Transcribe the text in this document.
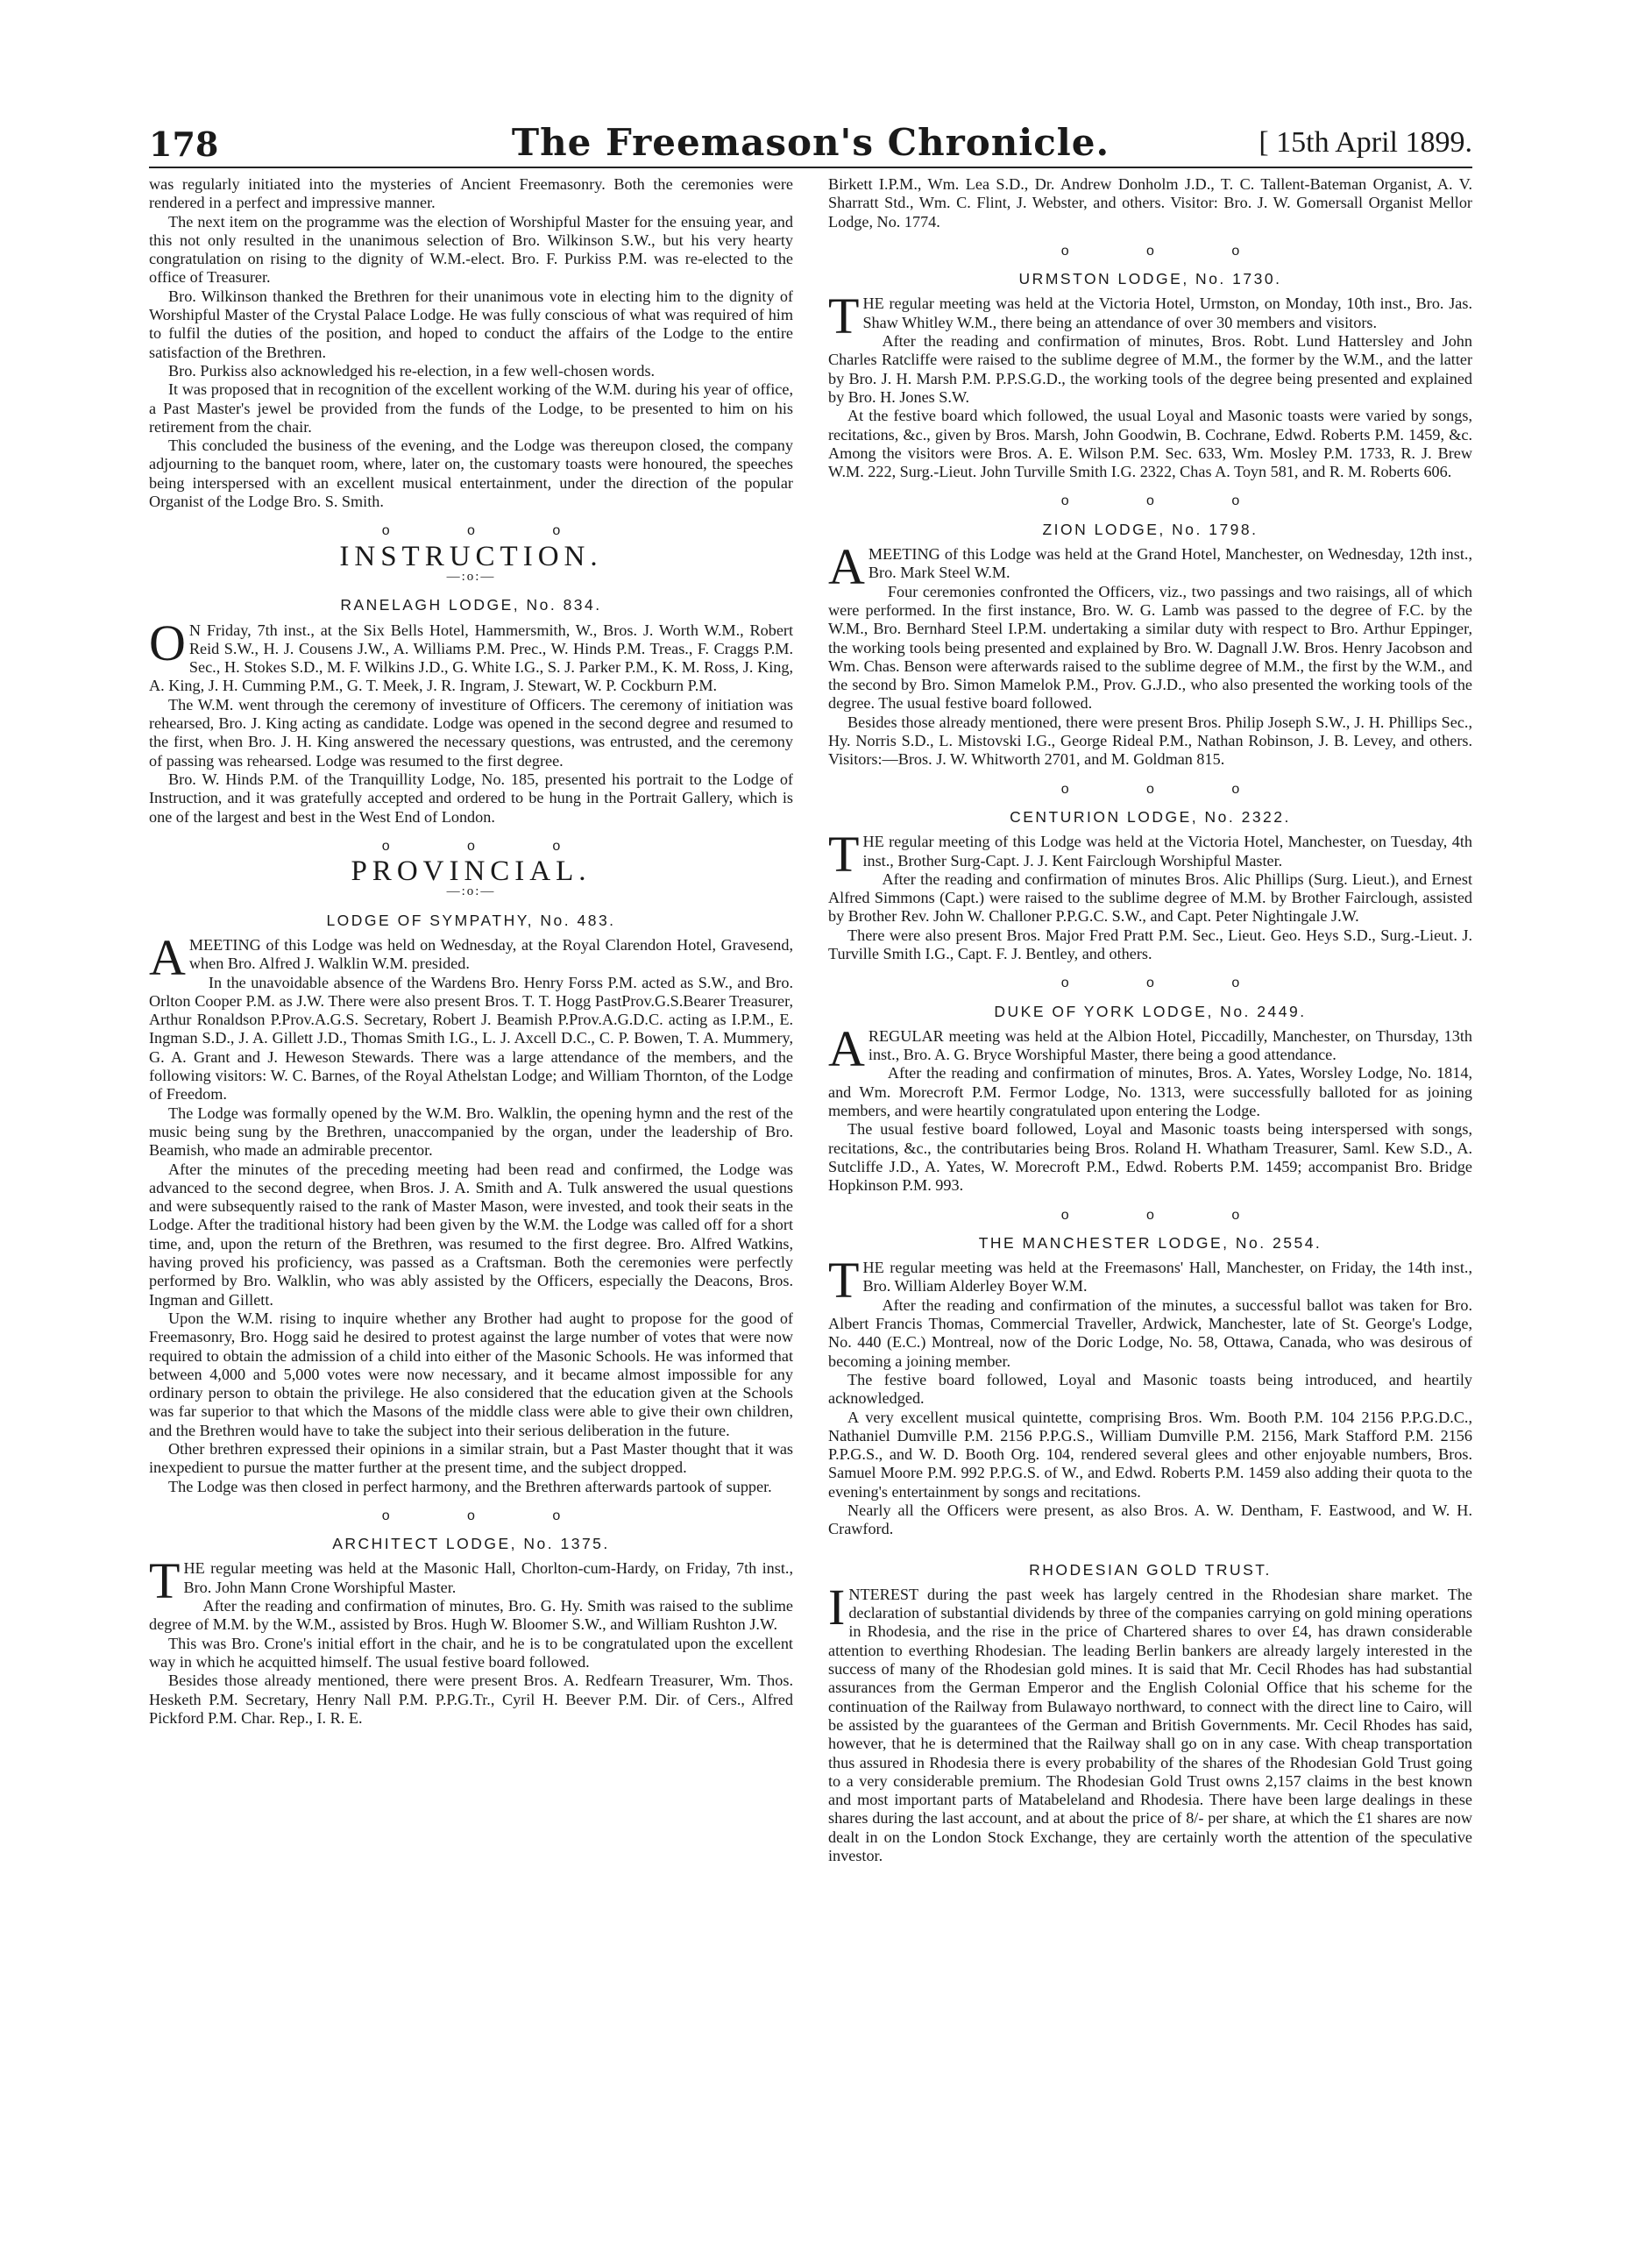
178	The Freemason's Chronicle.	[ 15th April 1899.

was regularly initiated into the mysteries of Ancient Freemasonry. Both the ceremonies were rendered in a perfect and impressive manner.

The next item on the programme was the election of Worshipful Master for the ensuing year, and this not only resulted in the unanimous selection of Bro. Wilkinson S.W., but his very hearty congratulation on rising to the dignity of W.M.-elect. Bro. F. Purkiss P.M. was re-elected to the office of Treasurer.

Bro. Wilkinson thanked the Brethren for their unanimous vote in electing him to the dignity of Worshipful Master of the Crystal Palace Lodge. He was fully conscious of what was required of him to fulfil the duties of the position, and hoped to conduct the affairs of the Lodge to the entire satisfaction of the Brethren.

Bro. Purkiss also acknowledged his re-election, in a few well-chosen words.

It was proposed that in recognition of the excellent working of the W.M. during his year of office, a Past Master's jewel be provided from the funds of the Lodge, to be presented to him on his retirement from the chair.

This concluded the business of the evening, and the Lodge was thereupon closed, the company adjourning to the banquet room, where, later on, the customary toasts were honoured, the speeches being interspersed with an excellent musical entertainment, under the direction of the popular Organist of the Lodge Bro. S. Smith.

o o o
INSTRUCTION.
—:o:—
RANELAGH LODGE, No. 834.

O N Friday, 7th inst., at the Six Bells Hotel, Hammersmith, W., Bros. J. Worth W.M., Robert Reid S.W., H. J. Cousens J.W., A. Williams P.M. Prec., W. Hinds P.M. Treas., F. Craggs P.M. Sec., H. Stokes S.D., M. F. Wilkins J.D., G. White I.G., S. J. Parker P.M., K. M. Ross, J. King, A. King, J. H. Cumming P.M., G. T. Meek, J. R. Ingram, J. Stewart, W. P. Cockburn P.M.

The W.M. went through the ceremony of investiture of Officers. The ceremony of initiation was rehearsed, Bro. J. King acting as candidate. Lodge was opened in the second degree and resumed to the first, when Bro. J. H. King answered the necessary questions, was entrusted, and the ceremony of passing was rehearsed. Lodge was resumed to the first degree.

Bro. W. Hinds P.M. of the Tranquillity Lodge, No. 185, presented his portrait to the Lodge of Instruction, and it was gratefully accepted and ordered to be hung in the Portrait Gallery, which is one of the largest and best in the West End of London.

o o o
PROVINCIAL.
—:o:—
LODGE OF SYMPATHY, No. 483.

AMEETING of this Lodge was held on Wednesday, at the Royal Clarendon Hotel, Gravesend, when Bro. Alfred J. Walklin W.M. presided.

In the unavoidable absence of the Wardens Bro. Henry Forss P.M. acted as S.W., and Bro. Orlton Cooper P.M. as J.W. There were also present Bros. T. T. Hogg PastProv.G.S.Bearer Treasurer, Arthur Ronaldson P.Prov.A.G.S. Secretary, Robert J. Beamish P.Prov.A.G.D.C. acting as I.P.M., E. Ingman S.D., J. A. Gillett J.D., Thomas Smith I.G., L. J. Axcell D.C., C. P. Bowen, T. A. Mummery, G. A. Grant and J. Heweson Stewards. There was a large attendance of the members, and the following visitors: W. C. Barnes, of the Royal Athelstan Lodge; and William Thornton, of the Lodge of Freedom.

The Lodge was formally opened by the W.M. Bro. Walklin, the opening hymn and the rest of the music being sung by the Brethren, unaccompanied by the organ, under the leadership of Bro. Beamish, who made an admirable precentor.

After the minutes of the preceding meeting had been read and confirmed, the Lodge was advanced to the second degree, when Bros. J. A. Smith and A. Tulk answered the usual questions and were subsequently raised to the rank of Master Mason, were invested, and took their seats in the Lodge. After the traditional history had been given by the W.M. the Lodge was called off for a short time, and, upon the return of the Brethren, was resumed to the first degree. Bro. Alfred Watkins, having proved his proficiency, was passed as a Craftsman. Both the ceremonies were perfectly performed by Bro. Walklin, who was ably assisted by the Officers, especially the Deacons, Bros. Ingman and Gillett.

Upon the W.M. rising to inquire whether any Brother had aught to propose for the good of Freemasonry, Bro. Hogg said he desired to protest against the large number of votes that were now required to obtain the admission of a child into either of the Masonic Schools. He was informed that between 4,000 and 5,000 votes were now necessary, and it became almost impossible for any ordinary person to obtain the privilege. He also considered that the education given at the Schools was far superior to that which the Masons of the middle class were able to give their own children, and the Brethren would have to take the subject into their serious deliberation in the future.

Other brethren expressed their opinions in a similar strain, but a Past Master thought that it was inexpedient to pursue the matter further at the present time, and the subject dropped.

The Lodge was then closed in perfect harmony, and the Brethren afterwards partook of supper.

o o o
ARCHITECT LODGE, No. 1375.

THE regular meeting was held at the Masonic Hall, Chorlton-cum-Hardy, on Friday, 7th inst., Bro. John Mann Crone Worshipful Master.

After the reading and confirmation of minutes, Bro. G. Hy. Smith was raised to the sublime degree of M.M. by the W.M., assisted by Bros. Hugh W. Bloomer S.W., and William Rushton J.W.

This was Bro. Crone's initial effort in the chair, and he is to be congratulated upon the excellent way in which he acquitted himself. The usual festive board followed.

Besides those already mentioned, there were present Bros. A. Redfearn Treasurer, Wm. Thos. Hesketh P.M. Secretary, Henry Nall P.M. P.P.G.Tr., Cyril H. Beever P.M. Dir. of Cers., Alfred Pickford P.M. Char. Rep., I. R. E.

Birkett I.P.M., Wm. Lea S.D., Dr. Andrew Donholm J.D., T. C. Tallent-Bateman Organist, A. V. Sharratt Std., Wm. C. Flint, J. Webster, and others. Visitor: Bro. J. W. Gomersall Organist Mellor Lodge, No. 1774.

o o o
URMSTON LODGE, No. 1730.

THE regular meeting was held at the Victoria Hotel, Urmston, on Monday, 10th inst., Bro. Jas. Shaw Whitley W.M., there being an attendance of over 30 members and visitors.

After the reading and confirmation of minutes, Bros. Robt. Lund Hattersley and John Charles Ratcliffe were raised to the sublime degree of M.M., the former by the W.M., and the latter by Bro. J. H. Marsh P.M. P.P.S.G.D., the working tools of the degree being presented and explained by Bro. H. Jones S.W.

At the festive board which followed, the usual Loyal and Masonic toasts were varied by songs, recitations, &c., given by Bros. Marsh, John Goodwin, B. Cochrane, Edwd. Roberts P.M. 1459, &c. Among the visitors were Bros. A. E. Wilson P.M. Sec. 633, Wm. Mosley P.M. 1733, R. J. Brew W.M. 222, Surg.-Lieut. John Turville Smith I.G. 2322, Chas A. Toyn 581, and R. M. Roberts 606.

o o o
ZION LODGE, No. 1798.

AMEETING of this Lodge was held at the Grand Hotel, Manchester, on Wednesday, 12th inst., Bro. Mark Steel W.M.

Four ceremonies confronted the Officers, viz., two passings and two raisings, all of which were performed. In the first instance, Bro. W. G. Lamb was passed to the degree of F.C. by the W.M., Bro. Bernhard Steel I.P.M. undertaking a similar duty with respect to Bro. Arthur Eppinger, the working tools being presented and explained by Bro. W. Dagnall J.W. Bros. Henry Jacobson and Wm. Chas. Benson were afterwards raised to the sublime degree of M.M., the first by the W.M., and the second by Bro. Simon Mamelok P.M., Prov. G.J.D., who also presented the working tools of the degree. The usual festive board followed.

Besides those already mentioned, there were present Bros. Philip Joseph S.W., J. H. Phillips Sec., Hy. Norris S.D., L. Mistovski I.G., George Rideal P.M., Nathan Robinson, J. B. Levey, and others. Visitors:—Bros. J. W. Whitworth 2701, and M. Goldman 815.

o o o
CENTURION LODGE, No. 2322.

THE regular meeting of this Lodge was held at the Victoria Hotel, Manchester, on Tuesday, 4th inst., Brother Surg-Capt. J. J. Kent Fairclough Worshipful Master.

After the reading and confirmation of minutes Bros. Alic Phillips (Surg. Lieut.), and Ernest Alfred Simmons (Capt.) were raised to the sublime degree of M.M. by Brother Fairclough, assisted by Brother Rev. John W. Challoner P.P.G.C. S.W., and Capt. Peter Nightingale J.W.

There were also present Bros. Major Fred Pratt P.M. Sec., Lieut. Geo. Heys S.D., Surg.-Lieut. J. Turville Smith I.G., Capt. F. J. Bentley, and others.

o o o
DUKE OF YORK LODGE, No. 2449.

AREGULAR meeting was held at the Albion Hotel, Piccadilly, Manchester, on Thursday, 13th inst., Bro. A. G. Bryce Worshipful Master, there being a good attendance.

After the reading and confirmation of minutes, Bros. A. Yates, Worsley Lodge, No. 1814, and Wm. Morecroft P.M. Fermor Lodge, No. 1313, were successfully balloted for as joining members, and were heartily congratulated upon entering the Lodge.

The usual festive board followed, Loyal and Masonic toasts being interspersed with songs, recitations, &c., the contributaries being Bros. Roland H. Whatham Treasurer, Saml. Kew S.D., A. Sutcliffe J.D., A. Yates, W. Morecroft P.M., Edwd. Roberts P.M. 1459; accompanist Bro. Bridge Hopkinson P.M. 993.

o o o
THE MANCHESTER LODGE, No. 2554.

THE regular meeting was held at the Freemasons' Hall, Manchester, on Friday, the 14th inst., Bro. William Alderley Boyer W.M.

After the reading and confirmation of the minutes, a successful ballot was taken for Bro. Albert Francis Thomas, Commercial Traveller, Ardwick, Manchester, late of St. George's Lodge, No. 440 (E.C.) Montreal, now of the Doric Lodge, No. 58, Ottawa, Canada, who was desirous of becoming a joining member.

The festive board followed, Loyal and Masonic toasts being introduced, and heartily acknowledged.

A very excellent musical quintette, comprising Bros. Wm. Booth P.M. 104 2156 P.P.G.D.C., Nathaniel Dumville P.M. 2156 P.P.G.S., William Dumville P.M. 2156, Mark Stafford P.M. 2156 P.P.G.S., and W. D. Booth Org. 104, rendered several glees and other enjoyable numbers, Bros. Samuel Moore P.M. 992 P.P.G.S. of W., and Edwd. Roberts P.M. 1459 also adding their quota to the evening's entertainment by songs and recitations.

Nearly all the Officers were present, as also Bros. A. W. Dentham, F. Eastwood, and W. H. Crawford.

RHODESIAN GOLD TRUST.

INTEREST during the past week has largely centred in the Rhodesian share market. The declaration of substantial dividends by three of the companies carrying on gold mining operations in Rhodesia, and the rise in the price of Chartered shares to over £4, has drawn considerable attention to everthing Rhodesian. The leading Berlin bankers are already largely interested in the success of many of the Rhodesian gold mines. It is said that Mr. Cecil Rhodes has had substantial assurances from the German Emperor and the English Colonial Office that his scheme for the continuation of the Railway from Bulawayo northward, to connect with the direct line to Cairo, will be assisted by the guarantees of the German and British Governments. Mr. Cecil Rhodes has said, however, that he is determined that the Railway shall go on in any case. With cheap transportation thus assured in Rhodesia there is every probability of the shares of the Rhodesian Gold Trust going to a very considerable premium. The Rhodesian Gold Trust owns 2,157 claims in the best known and most important parts of Matabeleland and Rhodesia. There have been large dealings in these shares during the last account, and at about the price of 8/- per share, at which the £1 shares are now dealt in on the London Stock Exchange, they are certainly worth the attention of the speculative investor.
